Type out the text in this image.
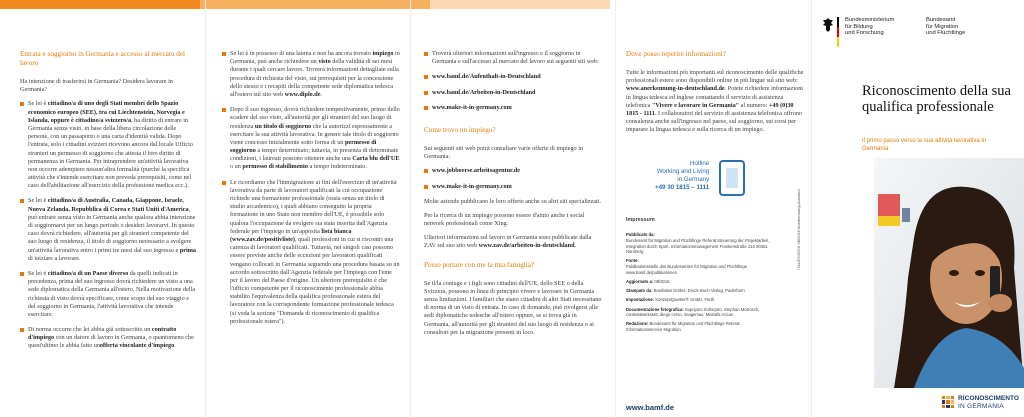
Entrata e soggiorno in Germania e accesso al mercato del lavoro

Ha intenzione di trasferirsi in Germania? Desidera lavorare in Germania?

Se lei è cittadino/a di uno degli Stati membri dello Spazio economico europeo (SEE), tra cui Liechtenstein, Norvegia e Islanda, oppure è cittadino/a svizzero/a, ha diritto di entrare in Germania senza visto, in base della libera circolazione delle persone, con un passaporto o una carta d'identità valida. Dopo l'entrata, solo i cittadini svizzeri ricevono ancora dal locale Ufficio stranieri un permesso di soggiorno che attesta il loro diritto di permanenza in Germania. Per intraprendere un'attività lavorativa non occorre adempiere nessun'altra formalità (purché la specifica attività che s'intende esercitare non preveda prerequisiti, come nel caso dell'abilitazione all'esercizio della professione medica ecc.).
Se lei è cittadino/a di Australia, Canada, Giappone, Israele, Nuova Zelanda, Repubblica di Corea e Stati Uniti d'America, può entrare senza visto in Germania anche qualora abbia intenzione di soggiornarvi per un lungo periodo o desideri lavorarvi. In questo caso dovrà richiedere, all'autorità per gli stranieri competente del suo luogo di residenza, il titolo di soggiorno necessario a svolgere un'attività lavorativa entro i primi tre mesi dal suo ingresso e prima di iniziare a lavorare.
Se lei è cittadino/a di un Paese diverso da quelli indicati in precedenza, prima del suo ingresso dovrà richiedere un visto a una sede diplomatica della Germania all'estero. Nella motivazione della richiesta di visto dovrà specificare, come scopo del suo viaggio e del soggiorno in Germania, l'attività lavorativa che intende esercitare.
Di norma occorre che lei abbia già sottoscritto un contratto d'impiego con un datore di lavoro in Germania, o quantomeno che quest'ultimo le abbia fatto unofferta vincolante d'impiego.
Se lei è in possesso di una laurea e non ha ancora trovato impiego in Germania, può anche richiedere un visto della validità di sei mesi durante i quali cercare lavoro. Troverà informazioni dettagliate sulla procedura di richiesta del visto, sui prerequisiti per la concessione dello stesso e i recapiti della competente sede diplomatica tedesca all'estero sul sito web www.diplo.de.
Dopo il suo ingresso, dovrà richiedere tempestivamente, primo dello scadere del suo visto, all'autorità per gli stranieri del suo luogo di residenza un titolo di soggiorno che la autorizzi espressamente a esercitare la sua attività lavorativa. In genere tale titolo di soggiorno viene concesso inizialmente sotto forma di un permesso di soggiorno a tempo determinato; tuttavia, in presenza di determinate condizioni, i laureati possono ottenere anche una Carta blu dell'UE o un permesso di stabilimento a tempo indeterminato.
Le ricordiamo che l'immigrazione ai fini dell'esercizio di un'attività lavorativa da parte di lavoratori qualificati la cui occupazione richiede una formazione professionale (ossia senza un titolo di studio accademico), i quali abbiano conseguito la propria formazione in uno Stato non membro dell'UE, è possibile solo qualora l'occupazione da svolgere sia stata inserita dall'Agenzia federale per l'impiego in un'apposita lista bianca (www.zav.de/positivliste), quali professioni in cui si riscontri una carenza di lavoratori qualificati. Tuttavia, nei singoli casi possono essere previste anche delle eccezioni per lavoratori qualificati vengano collocati in Germania seguendo una procedura basata su un accordo sottoscritto dall'Agenzia federale per l'impiego con l'ente per il lavoro del Paese d'origine. Un ulteriore prerequisito è che l'ufficio competente per il riconoscimento professionale abbia stabilito l'equivalenza della qualifica professionale estera del lavoratore con la corrispondente formazione professionale tedesca (si veda la sezione "Domanda di riconoscimento di qualifica professionale estera").
Troverà ulteriori informazioni sull'ingresso e il soggiorno in Germania e sull'accesso al mercato del lavoro sui seguenti siti web:
www.bamf.de/Aufenthalt-in-Deutschland
www.bamf.de/Arbeiten-in-Deutschland
www.make-it-in-germany.com
Come trovo un impiego?

Sui seguenti siti web potrà consultare varie offerte di impiego in Germania:

www.jobboerse.arbeitsagentur.de
www.make-it-in-germany.com

Molte aziende pubblicano le loro offerte anche su altri siti specializzati.

Per la ricerca di un impiego possono essere d'aiuto anche i social network professionali come Xing.

Ulteriori informazioni sul lavoro in Germania sono pubblicate dalla ZAV sul suo sito web www.zav.de/arbeiten-in-deutschland.

Posso portare con me la mia famiglia?

Se il/la coniuge e i figli sono cittadini dell'UE, dello SEE o della Svizzera, possono in linea di principio vivere e lavorare in Germania senza limitazioni. I familiari che siano cittadini di altri Stati necessitano di norma di un visto di entrata. In caso di domande, può rivolgersi alle sedi diplomatiche tedesche all'estero oppure, se si trova già in Germania, all'autorità per gli stranieri del suo luogo di residenza o ai consultori per la migrazione presenti in loco.

Dove posso reperire informazioni?

Tutte le informazioni più importanti sul riconoscimento delle qualifiche professionali estere sono disponibili online in più lingue sul sito web: www.anerkennung-in-deutschland.de. Potete richiedere informazioni in lingua tedesca ed inglese contattando il servizio di assistenza telefonica "Vivere e lavorare in Germania" al numero: +49 (0)30 1815 - 1111. I collaboratori del servizio di assistenza telefonica offrono consulenza anche sull'ingresso nel paese, sul soggiorno, sui corsi per imparare la lingua tedesca e sulla ricerca di un impiego.

Hotline
Working and Living
in Germany
+49 30 1815 – 1111
Impressum
Pubblicato da:
Bundesamt für Migration und Flüchtlinge Referat Steuerung der Projektarbeit, Integration durch Sport, Informationsmanagement Frankenstraße 210 90461 Nürnberg
Fonte:
Publikationsstelle des Bundesamtes für Migration und Flüchtlinge www.bamf.de/publikationen
Aggiornato a: 08/2015
Stampato da: Bonifatius GmbH, Druck·Buch·Verlag, Paderborn
Impostazione: KonzeptQuartier® GmbH, Fürth
Documentazione fotografica: Suprijono Suharjoto, Stephan Morrosch, contrastwerkstatt, diego cervo, imagemax, Mustafa Arican
Redazione: Bundesamt für Migration und Flüchtlinge Referat Informationsservice Migration
ITALIENISCH 08/2015 Anerkennung-Ausland
www.bamf.de
Bundesministerium
für Bildung
und Forschung
Bundesamt
für Migration
und Flüchtlinge
Riconoscimento della sua qualifica professionale
Il primo passo verso la sua attività lavorativa in Germania
RICONOSCIMENTO
IN GERMANIA
